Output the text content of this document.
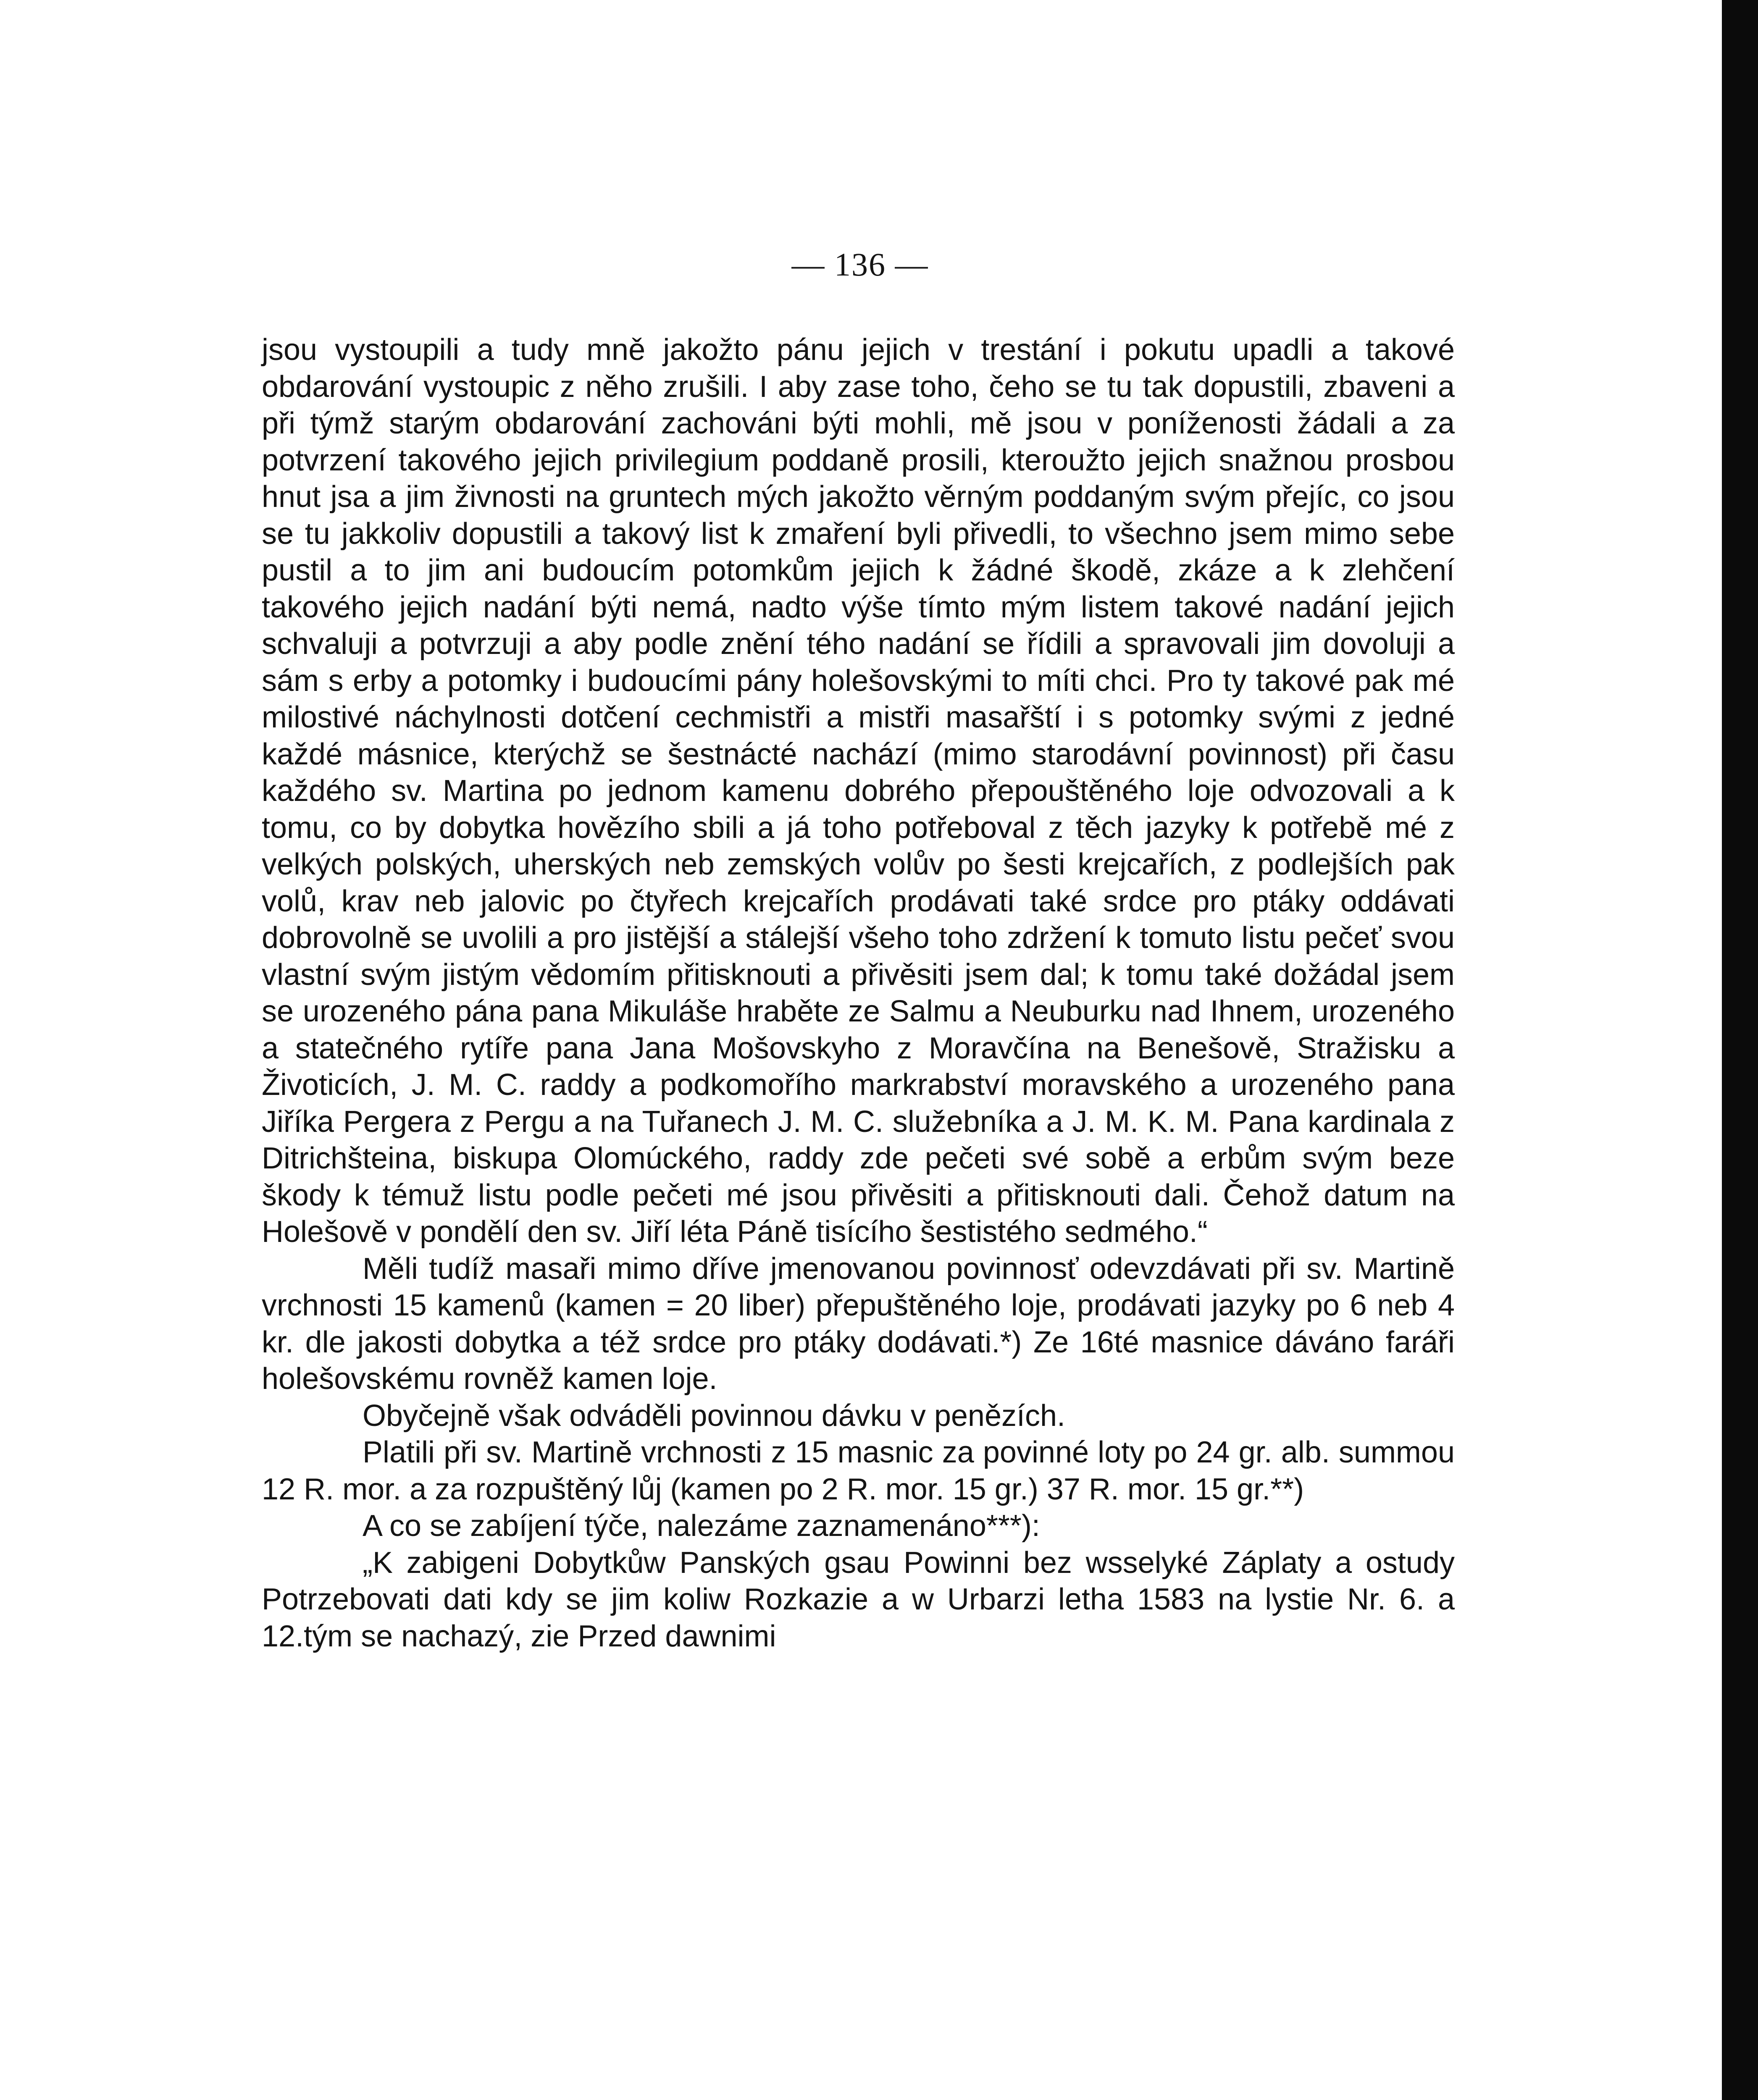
— 136 —

jsou vystoupili a tudy mně jakožto pánu jejich v trestání i pokutu upadli a takové obdarování vystoupic z něho zrušili. I aby zase toho, čeho se tu tak dopustili, zbaveni a při týmž starým obdarování zachováni býti mohli, mě jsou v poníženosti žádali a za potvrzení takového jejich privilegium poddaně prosili, kteroužto jejich snažnou prosbou hnut jsa a jim živnosti na gruntech mých jakožto věrným poddaným svým přejíc, co jsou se tu jakkoliv dopustili a takový list k zmaření byli přivedli, to všechno jsem mimo sebe pustil a to jim ani budoucím potomkům jejich k žádné škodě, zkáze a k zlehčení takového jejich nadání býti nemá, nadto výše tímto mým listem takové nadání jejich schvaluji a potvrzuji a aby podle znění tého nadání se řídili a spravovali jim dovoluji a sám s erby a potomky i budoucími pány holešovskými to míti chci. Pro ty takové pak mé milostivé náchylnosti dotčení cechmistři a mistři masařští i s potomky svými z jedné každé másnice, kterýchž se šestnácté nachází (mimo starodávní povinnost) při času každého sv. Martina po jednom kamenu dobrého přepouštěného loje odvozovali a k tomu, co by dobytka hovězího sbili a já toho potřeboval z těch jazyky k potřebě mé z velkých polských, uherských neb zemských volův po šesti krejcařích, z podlejších pak volů, krav neb jalovic po čtyřech krejcařích prodávati také srdce pro ptáky oddávati dobrovolně se uvolili a pro jistější a stálejší všeho toho zdržení k tomuto listu pečeť svou vlastní svým jistým vědomím přitisknouti a přivěsiti jsem dal; k tomu také dožádal jsem se urozeného pána pana Mikuláše hraběte ze Salmu a Neuburku nad Ihnem, urozeného a statečného rytíře pana Jana Mošovskyho z Moravčína na Benešově, Stražisku a Životicích, J. M. C. raddy a podkomořího markrabství moravského a urozeného pana Jiříka Pergera z Pergu a na Tuřanech J. M. C. služebníka a J. M. K. M. Pana kardinala z Ditrichšteina, biskupa Olomúckého, raddy zde pečeti své sobě a erbům svým beze škody k témuž listu podle pečeti mé jsou přivěsiti a přitisknouti dali. Čehož datum na Holešově v pondělí den sv. Jiří léta Páně tisícího šestistého sedmého.“

Měli tudíž masaři mimo dříve jmenovanou povinnosť odevzdávati při sv. Martině vrchnosti 15 kamenů (kamen = 20 liber) přepuštěného loje, prodávati jazyky po 6 neb 4 kr. dle jakosti dobytka a též srdce pro ptáky dodávati.*) Ze 16té masnice dáváno faráři holešovskému rovněž kamen loje.

Obyčejně však odváděli povinnou dávku v penězích.

Platili při sv. Martině vrchnosti z 15 masnic za povinné loty po 24 gr. alb. summou 12 R. mor. a za rozpuštěný lůj (kamen po 2 R. mor. 15 gr.) 37 R. mor. 15 gr.**)

A co se zabíjení týče, nalezáme zaznamenáno***):

„K zabigeni Dobytkůw Panských gsau Powinni bez wsselyké Záplaty a ostudy Potrzebovati dati kdy se jim koliw Rozkazie a w Urbarzi letha 1583 na lystie Nr. 6. a 12.tým se nachazý, zie Przed dawnimi
